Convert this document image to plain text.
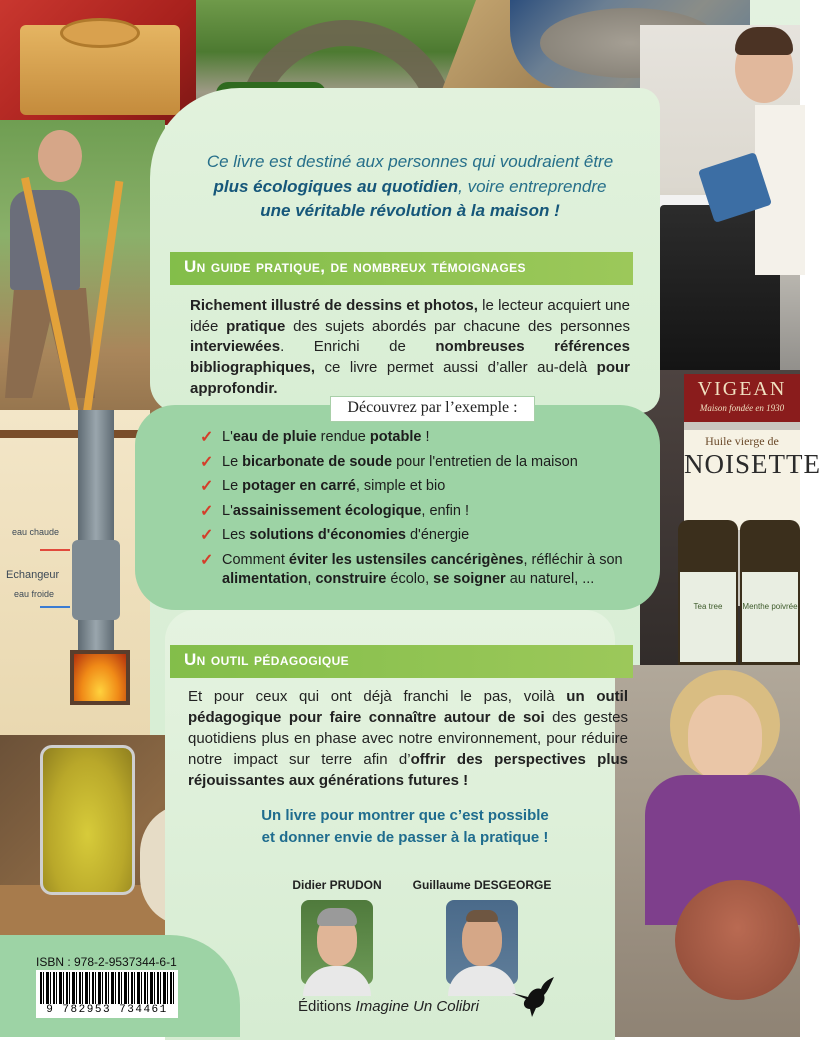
VIGEAN
Maison fondée en 1930
Huile vierge de
NOISETTE
Tea tree	Menthe poivrée
eau chaude
Echangeur
eau froide
Ce livre est destiné aux personnes qui voudraient être
plus écologiques au quotidien, voire entreprendre
une véritable révolution à la maison !
Un guide pratique, de nombreux témoignages
Richement illustré de dessins et photos, le lecteur acquiert une idée pratique des sujets abordés par chacune des personnes interviewées. Enrichi de nombreuses références bibliographiques, ce livre permet aussi d’aller au-delà pour approfondir.
Découvrez par l’exemple :
✓ L'eau de pluie rendue potable !
✓ Le bicarbonate de soude pour l'entretien de la maison
✓ Le potager en carré, simple et bio
✓ L'assainissement écologique, enfin !
✓ Les solutions d'économies d'énergie
✓ Comment éviter les ustensiles cancérigènes, réfléchir à son alimentation, construire écolo, se soigner au naturel, ...
Un outil pédagogique
Et pour ceux qui ont déjà franchi le pas, voilà un outil pédagogique pour faire connaître autour de soi des gestes quotidiens plus en phase avec notre environnement, pour réduire notre impact sur terre afin d’offrir des perspectives plus réjouissantes aux générations futures !
Un livre pour montrer que c’est possible
et donner envie de passer à la pratique !
Didier PRUDON	Guillaume DESGEORGE
Éditions Imagine Un Colibri
ISBN : 978-2-9537344-6-1
9 782953 734461
